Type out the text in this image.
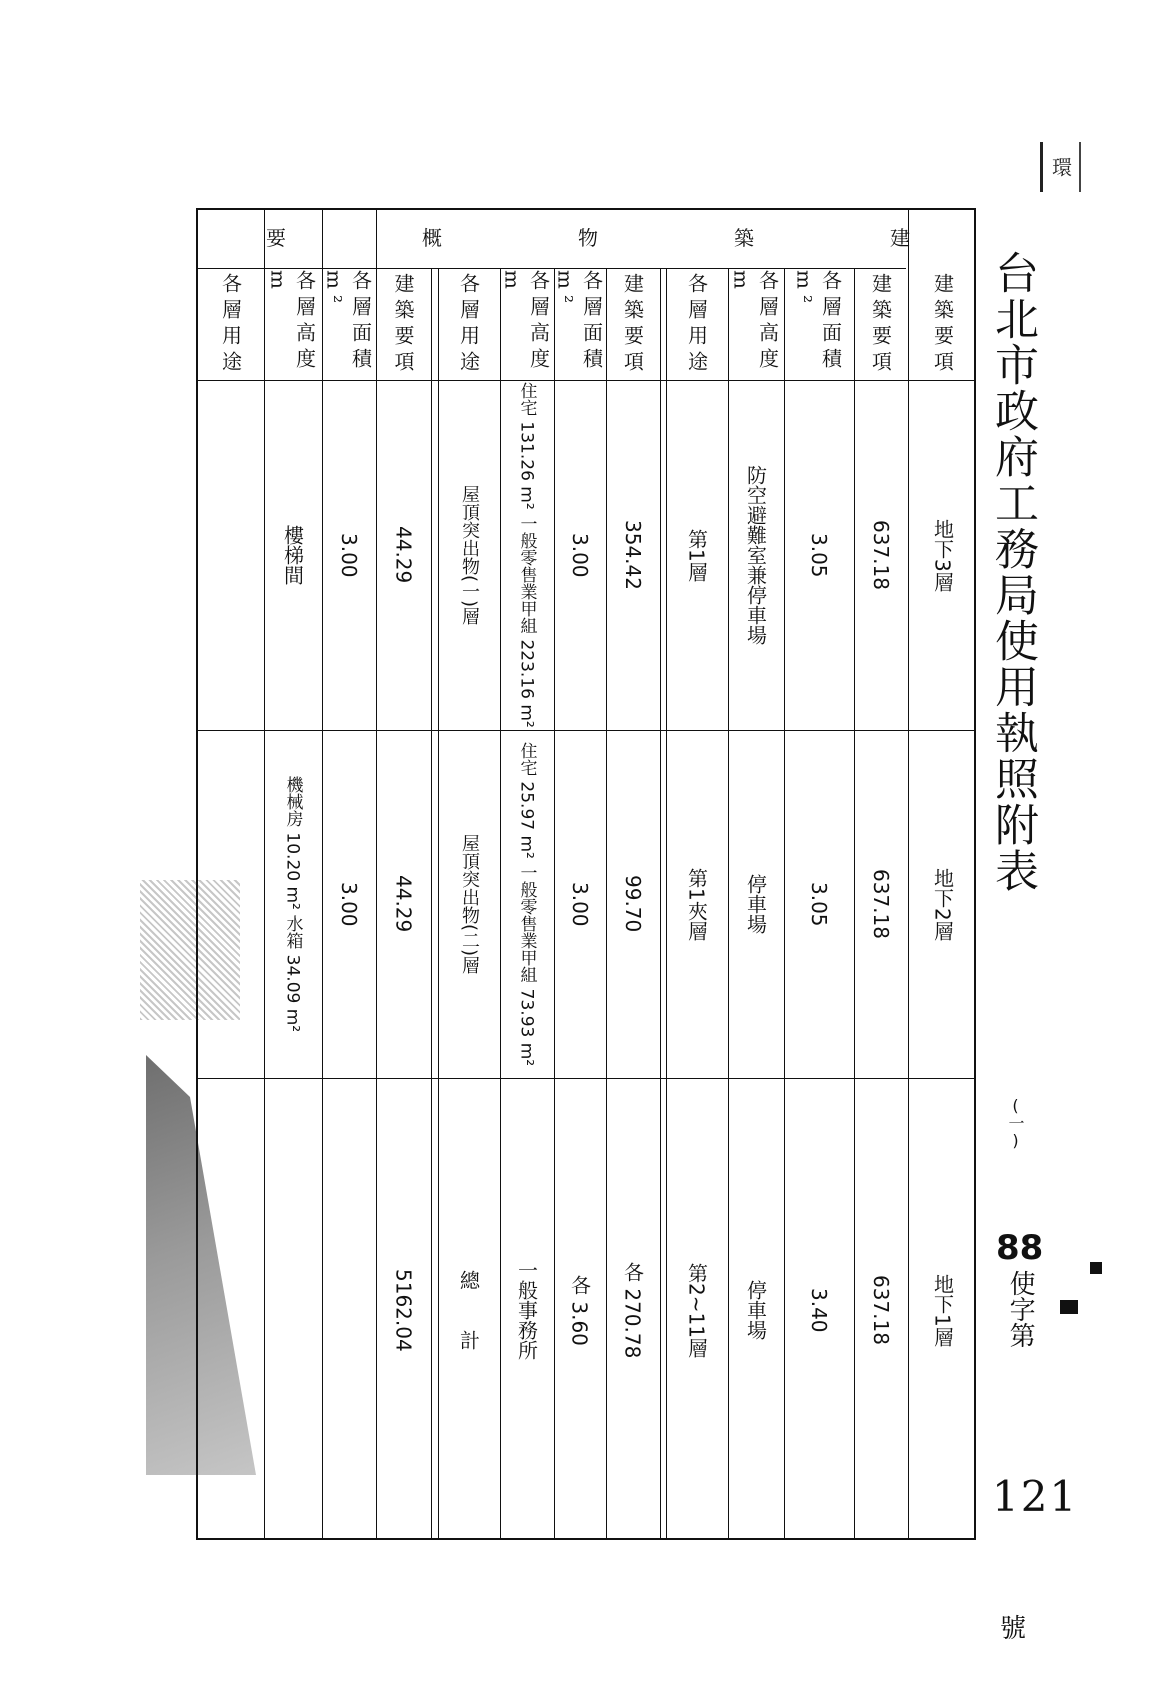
環
台北市政府工務局使用執照附表
(一)
88
使字第
121
號
建
築
物
概
要
建築要項
各層面積m²
各層高度 m
各層用途
建築要項
各層面積m²
各層高度 m
各層用途
建築要項
各層面積m²
各層高度 m
各層用途	建築要項
地下3層
地下2層
地下1層
637.18
637.18
637.18
3.05
3.05
3.40
防空避難室兼停車場
停車場
停車場
第1層
第1夾層
第2~11層
354.42
99.70
各 270.78
3.00
3.00
各 3.60
住宅 131.26 m² 一般零售業甲組 223.16 m²
住宅 25.97 m² 一般零售業甲組 73.93 m²
一般事務所
屋頂突出物(一)層
屋頂突出物(二)層
總　　計
44.29
44.29
5162.04
3.00
3.00
樓梯間
機械房 10.20 m² 水箱 34.09 m²
